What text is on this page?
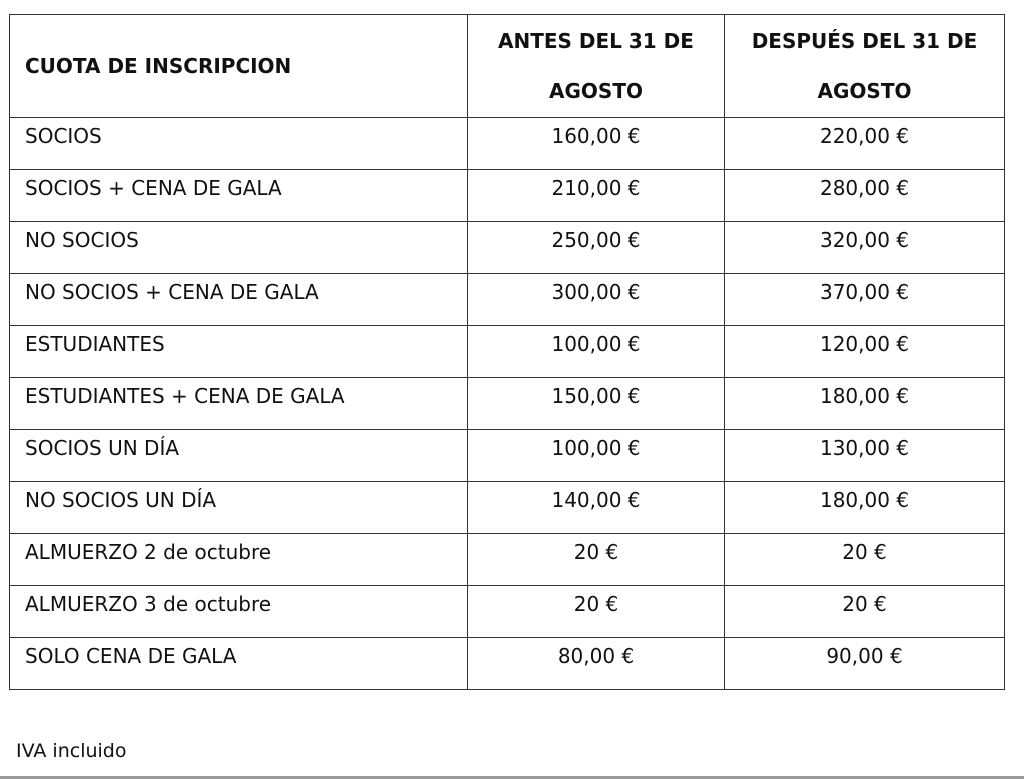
CUOTA DE INSCRIPCION	ANTES DEL 31 DE AGOSTO	DESPUÉS DEL 31 DE AGOSTO
SOCIOS	160,00 €	220,00 €
SOCIOS + CENA DE GALA	210,00 €	280,00 €
NO SOCIOS	250,00 €	320,00 €
NO SOCIOS + CENA DE GALA	300,00 €	370,00 €
ESTUDIANTES	100,00 €	120,00 €
ESTUDIANTES + CENA DE GALA	150,00 €	180,00 €
SOCIOS UN DÍA	100,00 €	130,00 €
NO SOCIOS UN DÍA	140,00 €	180,00 €
ALMUERZO 2 de octubre	20 €	20 €
ALMUERZO 3 de octubre	20 €	20 €
SOLO CENA DE GALA	80,00 €	90,00 €
IVA incluido
